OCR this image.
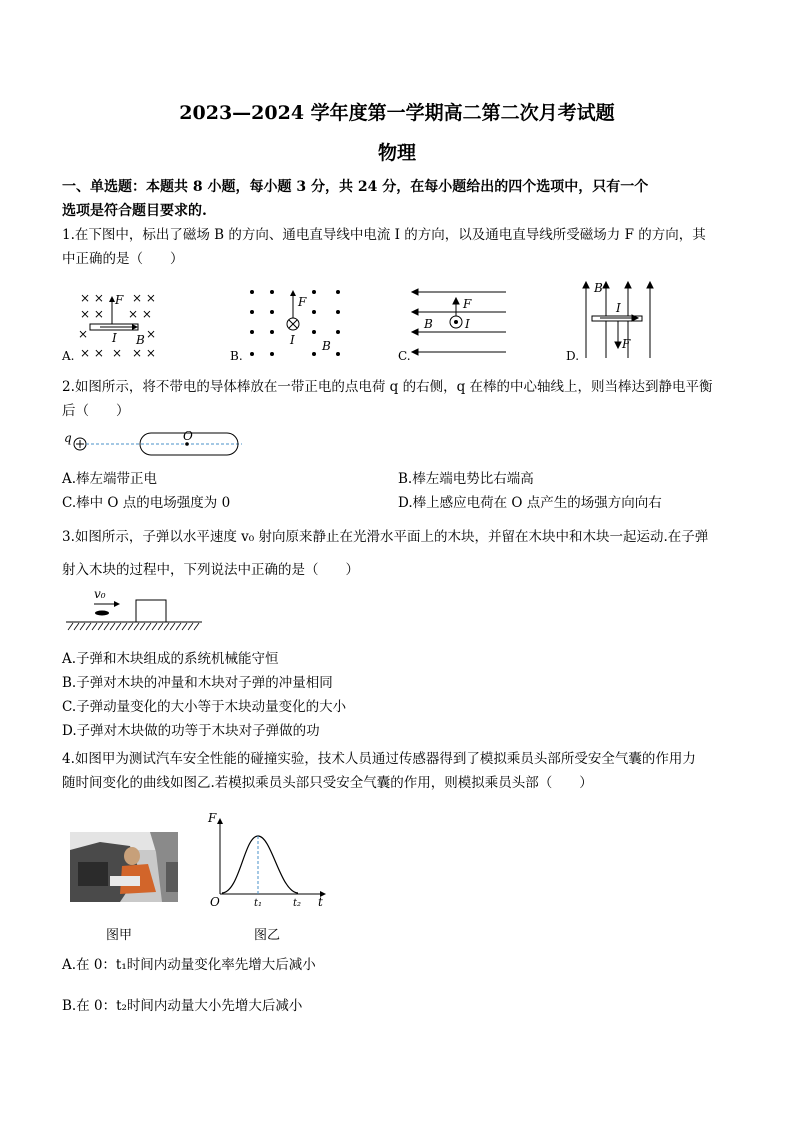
2023—2024 学年度第一学期高二第二次月考试题
物理
一、单选题：本题共 8 小题，每小题 3 分，共 24 分，在每小题给出的四个选项中，只有一个
选项是符合题目要求的.
1.在下图中，标出了磁场 B 的方向、通电直导线中电流 I 的方向，以及通电直导线所受磁场力 F 的方向，其
中正确的是（　　）
× × × ×
× × × ×
×	×
× × × × ×
F
I B
A.
F
I B
B.
F
B	I
C.
B
I
F
D.
2.如图所示，将不带电的导体棒放在一带正电的点电荷 q 的右侧，q 在棒的中心轴线上，则当棒达到静电平衡
后（　　）
q	O
A.棒左端带正电	B.棒左端电势比右端高
C.棒中 O 点的电场强度为 0	D.棒上感应电荷在 O 点产生的场强方向向右
3.如图所示，子弹以水平速度 v₀ 射向原来静止在光滑水平面上的木块，并留在木块中和木块一起运动.在子弹
射入木块的过程中，下列说法中正确的是（　　）
v₀
A.子弹和木块组成的系统机械能守恒
B.子弹对木块的冲量和木块对子弹的冲量相同
C.子弹动量变化的大小等于木块动量变化的大小
D.子弹对木块做的功等于木块对子弹做的功
4.如图甲为测试汽车安全性能的碰撞实验，技术人员通过传感器得到了模拟乘员头部所受安全气囊的作用力
随时间变化的曲线如图乙.若模拟乘员头部只受安全气囊的作用，则模拟乘员头部（　　）
F
O	t₁	t₂ t
图甲	图乙
A.在 0：t₁时间内动量变化率先增大后减小
B.在 0：t₂时间内动量大小先增大后减小
